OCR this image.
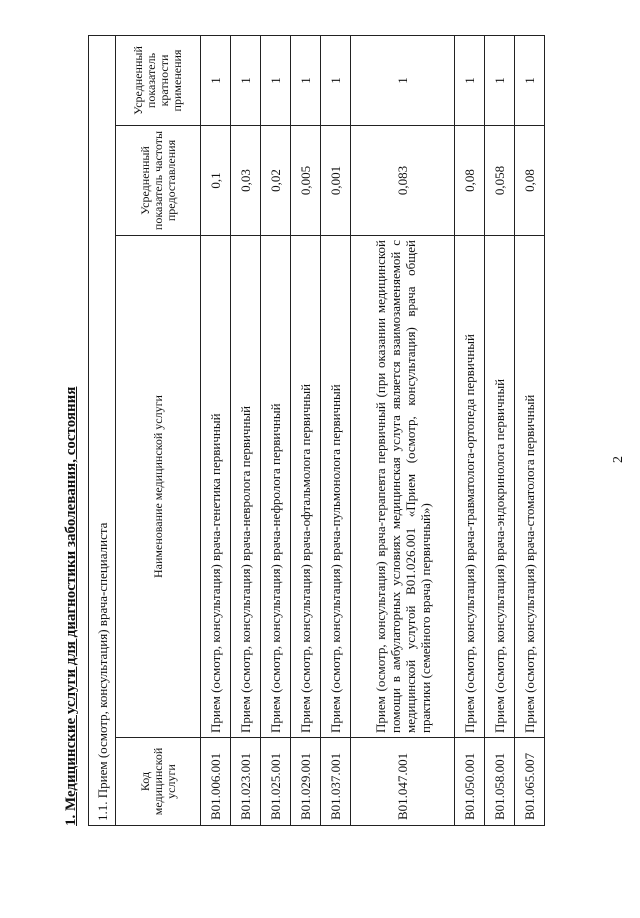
2
1. Медицинские услуги для диагностики заболевания, состояния 1.1. Прием (осмотр, консультация) врача-специалиста			
Код медицинской услуги	Наименование медицинской услуги	Усредненный показатель частоты предоставления	Усредненный показатель кратности применения
B01.006.001	Прием (осмотр, консультация) врача-генетика первичный	0,1	1
B01.023.001	Прием (осмотр, консультация) врача-невролога первичный	0,03	1
B01.025.001	Прием (осмотр, консультация) врача-нефролога первичный	0,02	1
B01.029.001	Прием (осмотр, консультация) врача-офтальмолога первичный	0,005	1
B01.037.001	Прием (осмотр, консультация) врача-пульмонолога первичный	0,001	1
B01.047.001	Прием (осмотр, консультация) врача-терапевта первичный (при оказании медицинской помощи в амбулаторных условиях медицинская услуга является взаимозаменяемой с медицинской услугой B01.026.001 «Прием (осмотр, консультация) врача общей практики (семейного врача) первичный»)	0,083	1
B01.050.001	Прием (осмотр, консультация) врача-травматолога-ортопеда первичный	0,08	1
B01.058.001	Прием (осмотр, консультация) врача-эндокринолога первичный	0,058	1
B01.065.007	Прием (осмотр, консультация) врача-стоматолога первичный	0,08	1
